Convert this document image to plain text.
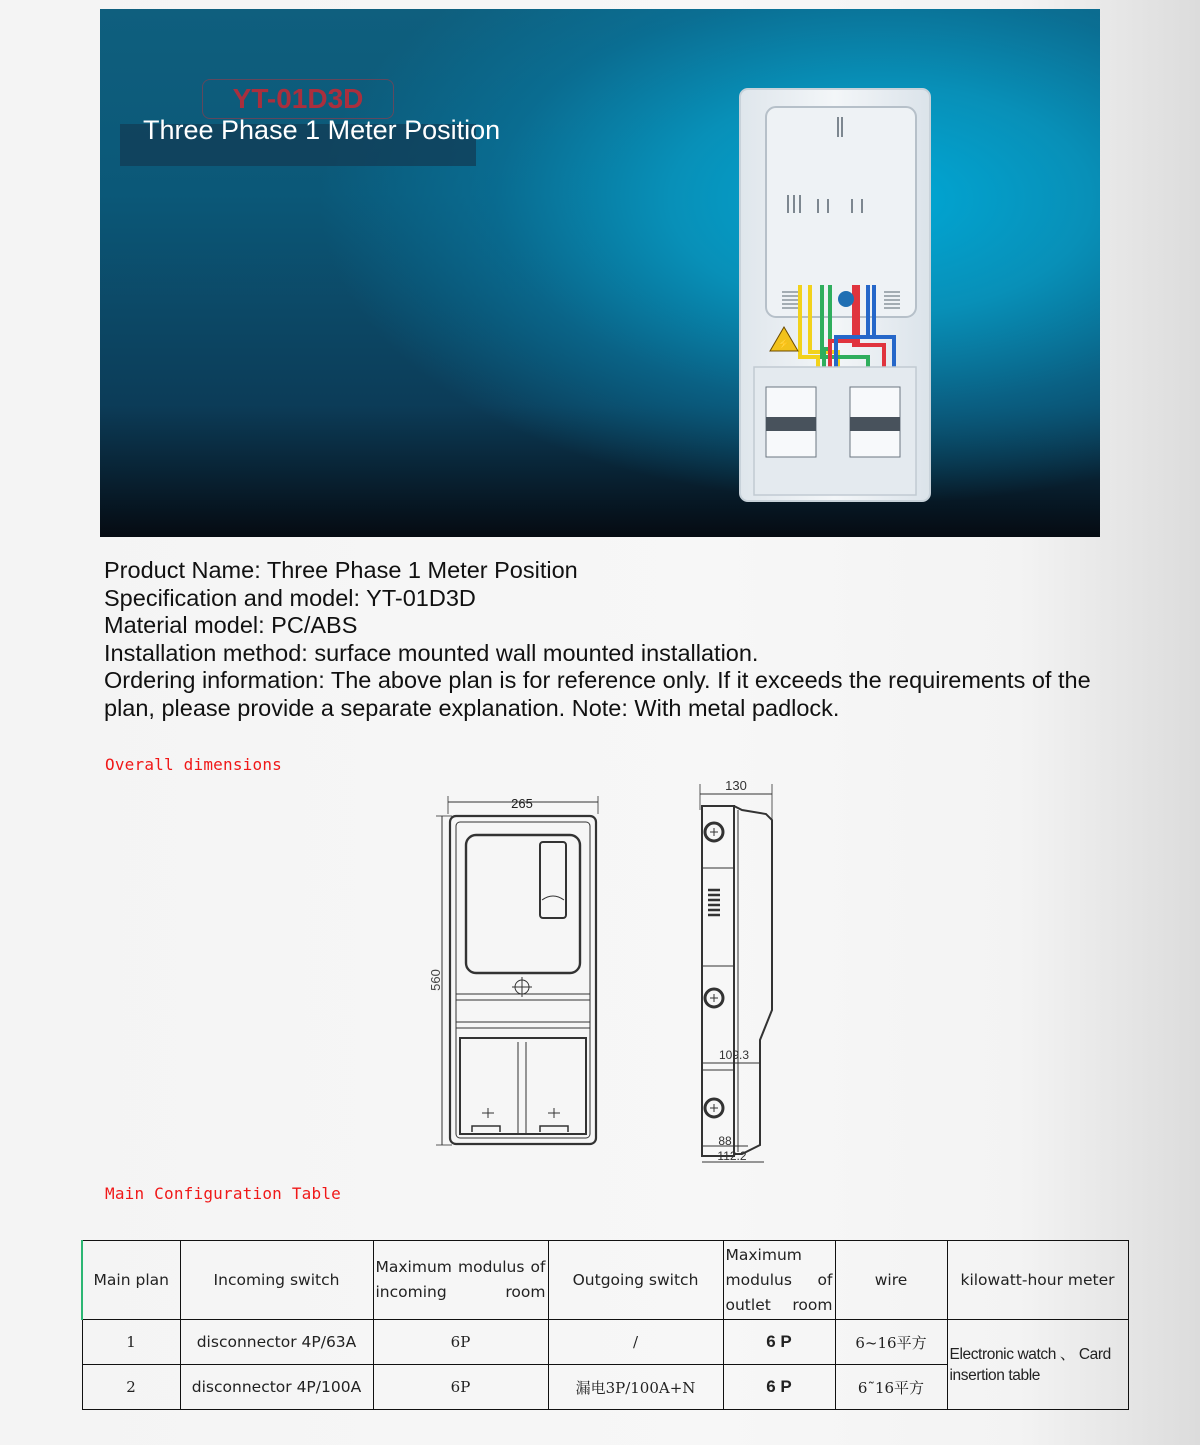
YT-01D3D
Three Phase 1 Meter Position
⚡
Product Name: Three Phase 1 Meter Position
Specification and model: YT-01D3D
Material model: PC/ABS
Installation method: surface mounted wall mounted installation.
Ordering information: The above plan is for reference only. If it exceeds the requirements of the plan, please provide a separate explanation. Note: With metal padlock.
Overall dimensions
265
560
130
109.3
88
112.2
Main Configuration Table
Main plan	Incoming switch	Maximum modulus of incoming room	Outgoing switch	Maximum modulus of outlet room	wire	kilowatt-hour meter
1	disconnector 4P/63A	6P	/	6 P	6~16平方	Electronic watch 、 Card insertion table
2	disconnector 4P/100A	6P	漏电3P/100A+N	6 P	6˜16平方	
